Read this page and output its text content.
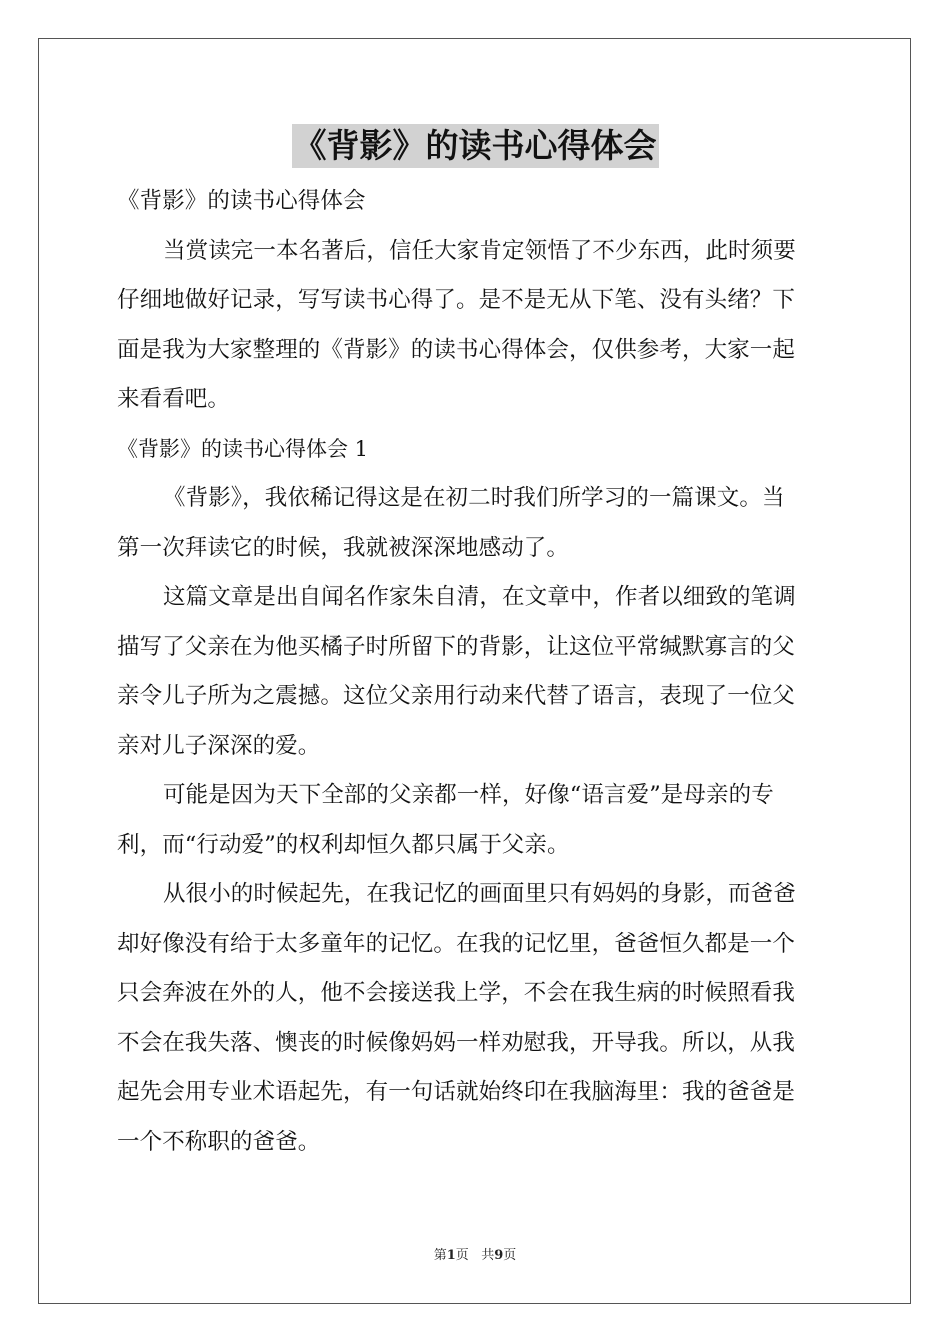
《背影》的读书心得体会
《背影》的读书心得体会
当赏读完一本名著后，信任大家肯定领悟了不少东西，此时须要
仔细地做好记录，写写读书心得了。是不是无从下笔、没有头绪？下
面是我为大家整理的《背影》的读书心得体会，仅供参考，大家一起
来看看吧。
《背影》的读书心得体会 1
《背影》，我依稀记得这是在初二时我们所学习的一篇课文。当
第一次拜读它的时候，我就被深深地感动了。
这篇文章是出自闻名作家朱自清，在文章中，作者以细致的笔调
描写了父亲在为他买橘子时所留下的背影，让这位平常缄默寡言的父
亲令儿子所为之震撼。这位父亲用行动来代替了语言，表现了一位父
亲对儿子深深的爱。
可能是因为天下全部的父亲都一样，好像“语言爱”是母亲的专
利，而“行动爱”的权利却恒久都只属于父亲。
从很小的时候起先，在我记忆的画面里只有妈妈的身影，而爸爸
却好像没有给于太多童年的记忆。在我的记忆里，爸爸恒久都是一个
只会奔波在外的人，他不会接送我上学，不会在我生病的时候照看我
不会在我失落、懊丧的时候像妈妈一样劝慰我，开导我。所以，从我
起先会用专业术语起先，有一句话就始终印在我脑海里：我的爸爸是
一个不称职的爸爸。
第1页 共9页
